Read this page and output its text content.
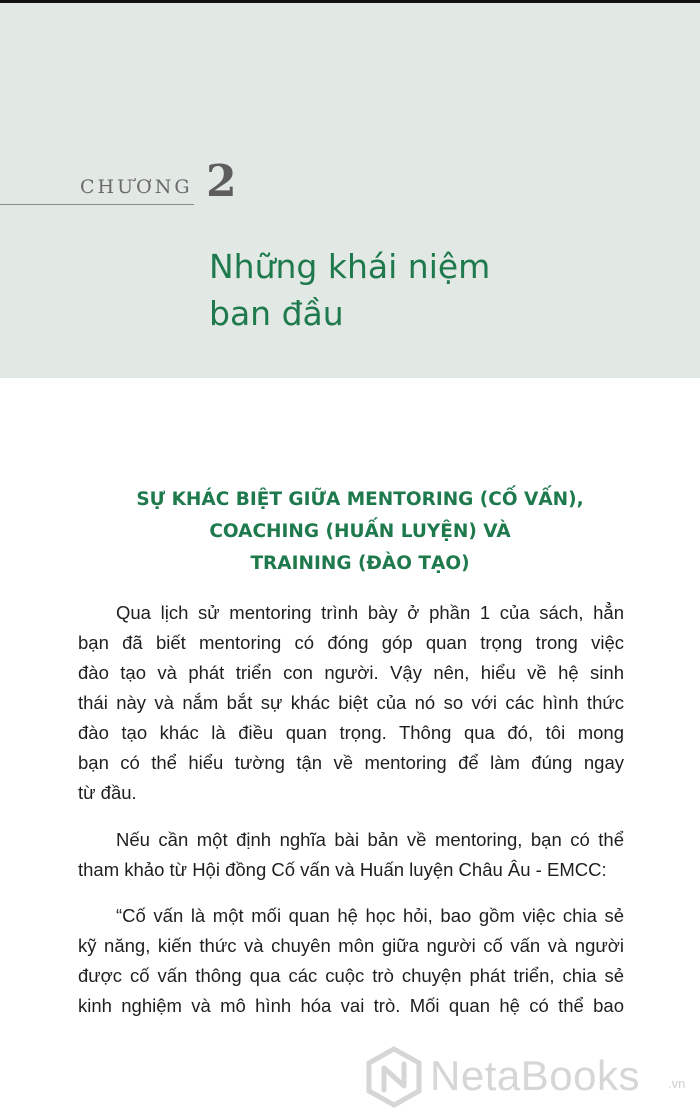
CHƯƠNG 2
Những khái niệm
ban đầu
SỰ KHÁC BIỆT GIỮA MENTORING (CỐ VẤN),
COACHING (HUẤN LUYỆN) VÀ
TRAINING (ĐÀO TẠO)
Qua lịch sử mentoring trình bày ở phần 1 của sách, hẳn
bạn đã biết mentoring có đóng góp quan trọng trong việc
đào tạo và phát triển con người. Vậy nên, hiểu về hệ sinh
thái này và nắm bắt sự khác biệt của nó so với các hình thức
đào tạo khác là điều quan trọng. Thông qua đó, tôi mong
bạn có thể hiểu tường tận về mentoring để làm đúng ngay
từ đầu.
Nếu cần một định nghĩa bài bản về mentoring, bạn có thể
tham khảo từ Hội đồng Cố vấn và Huấn luyện Châu Âu - EMCC:
“Cố vấn là một mối quan hệ học hỏi, bao gồm việc chia sẻ
kỹ năng, kiến thức và chuyên môn giữa người cố vấn và người
được cố vấn thông qua các cuộc trò chuyện phát triển, chia sẻ
kinh nghiệm và mô hình hóa vai trò. Mối quan hệ có thể bao
NetaBooks .vn
